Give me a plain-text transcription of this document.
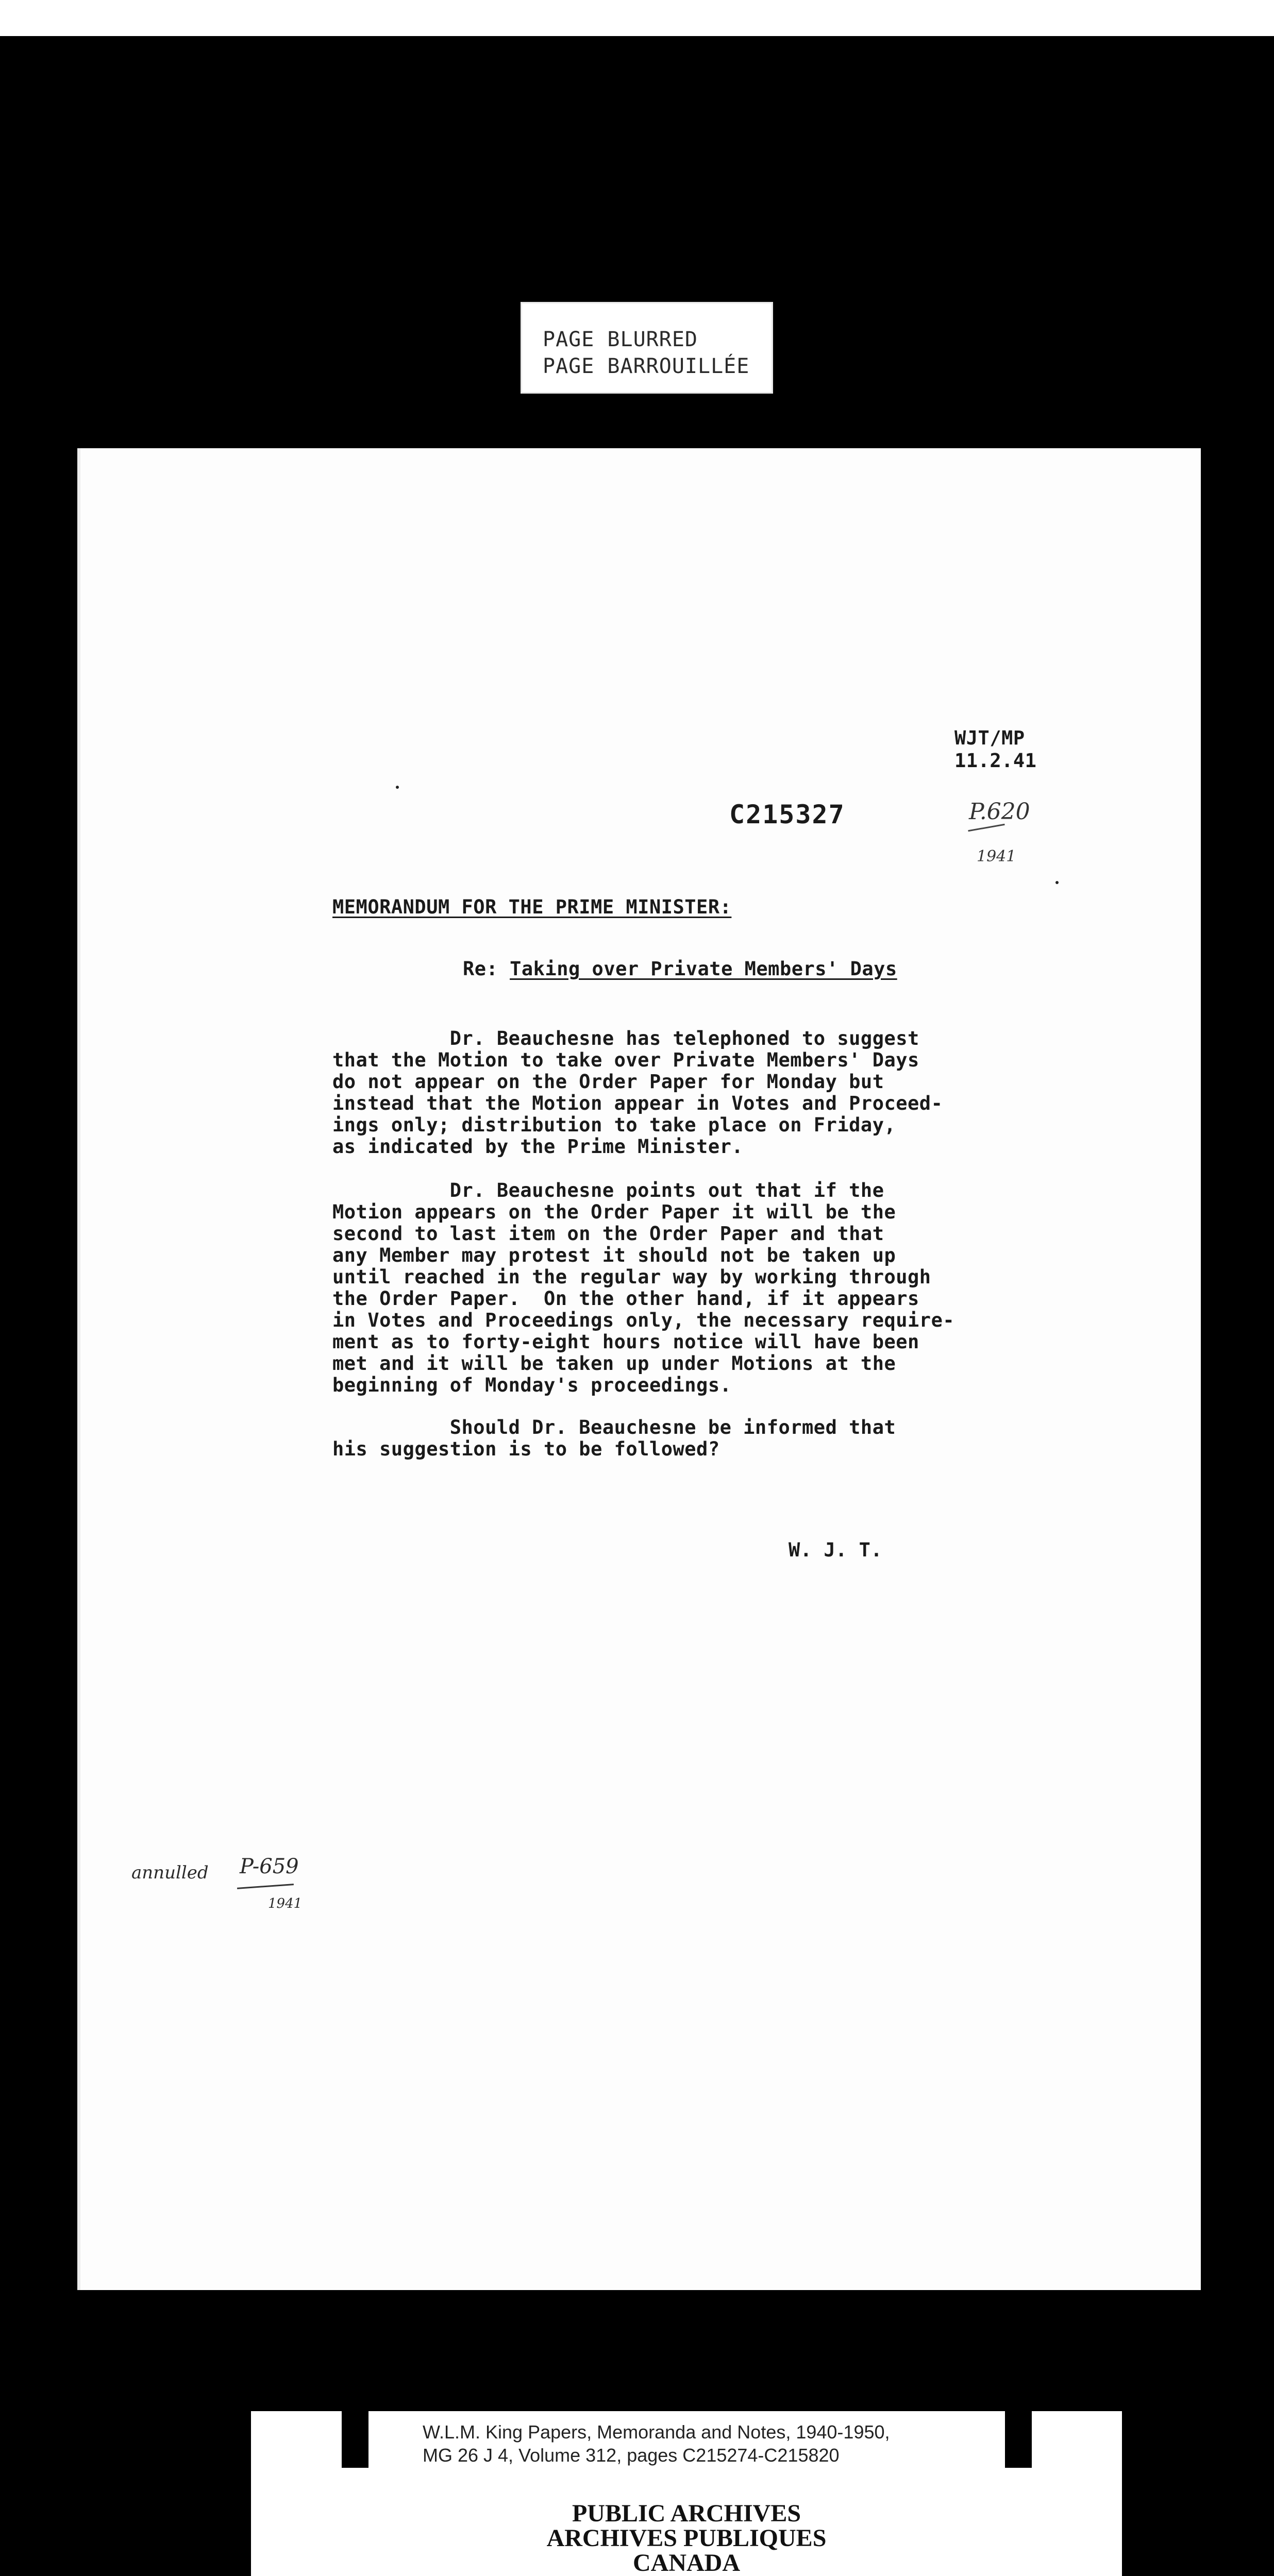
PAGE BLURRED
PAGE BARROUILLÉE
WJT/MP
11.2.41
C215327	P.620
1941
MEMORANDUM FOR THE PRIME MINISTER:
Re: Taking over Private Members' Days
Dr. Beauchesne has telephoned to suggest
that the Motion to take over Private Members' Days
do not appear on the Order Paper for Monday but
instead that the Motion appear in Votes and Proceed-
ings only; distribution to take place on Friday,
as indicated by the Prime Minister.
Dr. Beauchesne points out that if the
Motion appears on the Order Paper it will be the
second to last item on the Order Paper and that
any Member may protest it should not be taken up
until reached in the regular way by working through
the Order Paper.  On the other hand, if it appears
in Votes and Proceedings only, the necessary require-
ment as to forty-eight hours notice will have been
met and it will be taken up under Motions at the
beginning of Monday's proceedings.
Should Dr. Beauchesne be informed that
his suggestion is to be followed?
W. J. T.
annulled P-659
1941
W.L.M. King Papers, Memoranda and Notes, 1940-1950,
MG 26 J 4, Volume 312, pages C215274-C215820
PUBLIC ARCHIVES
ARCHIVES PUBLIQUES
CANADA
